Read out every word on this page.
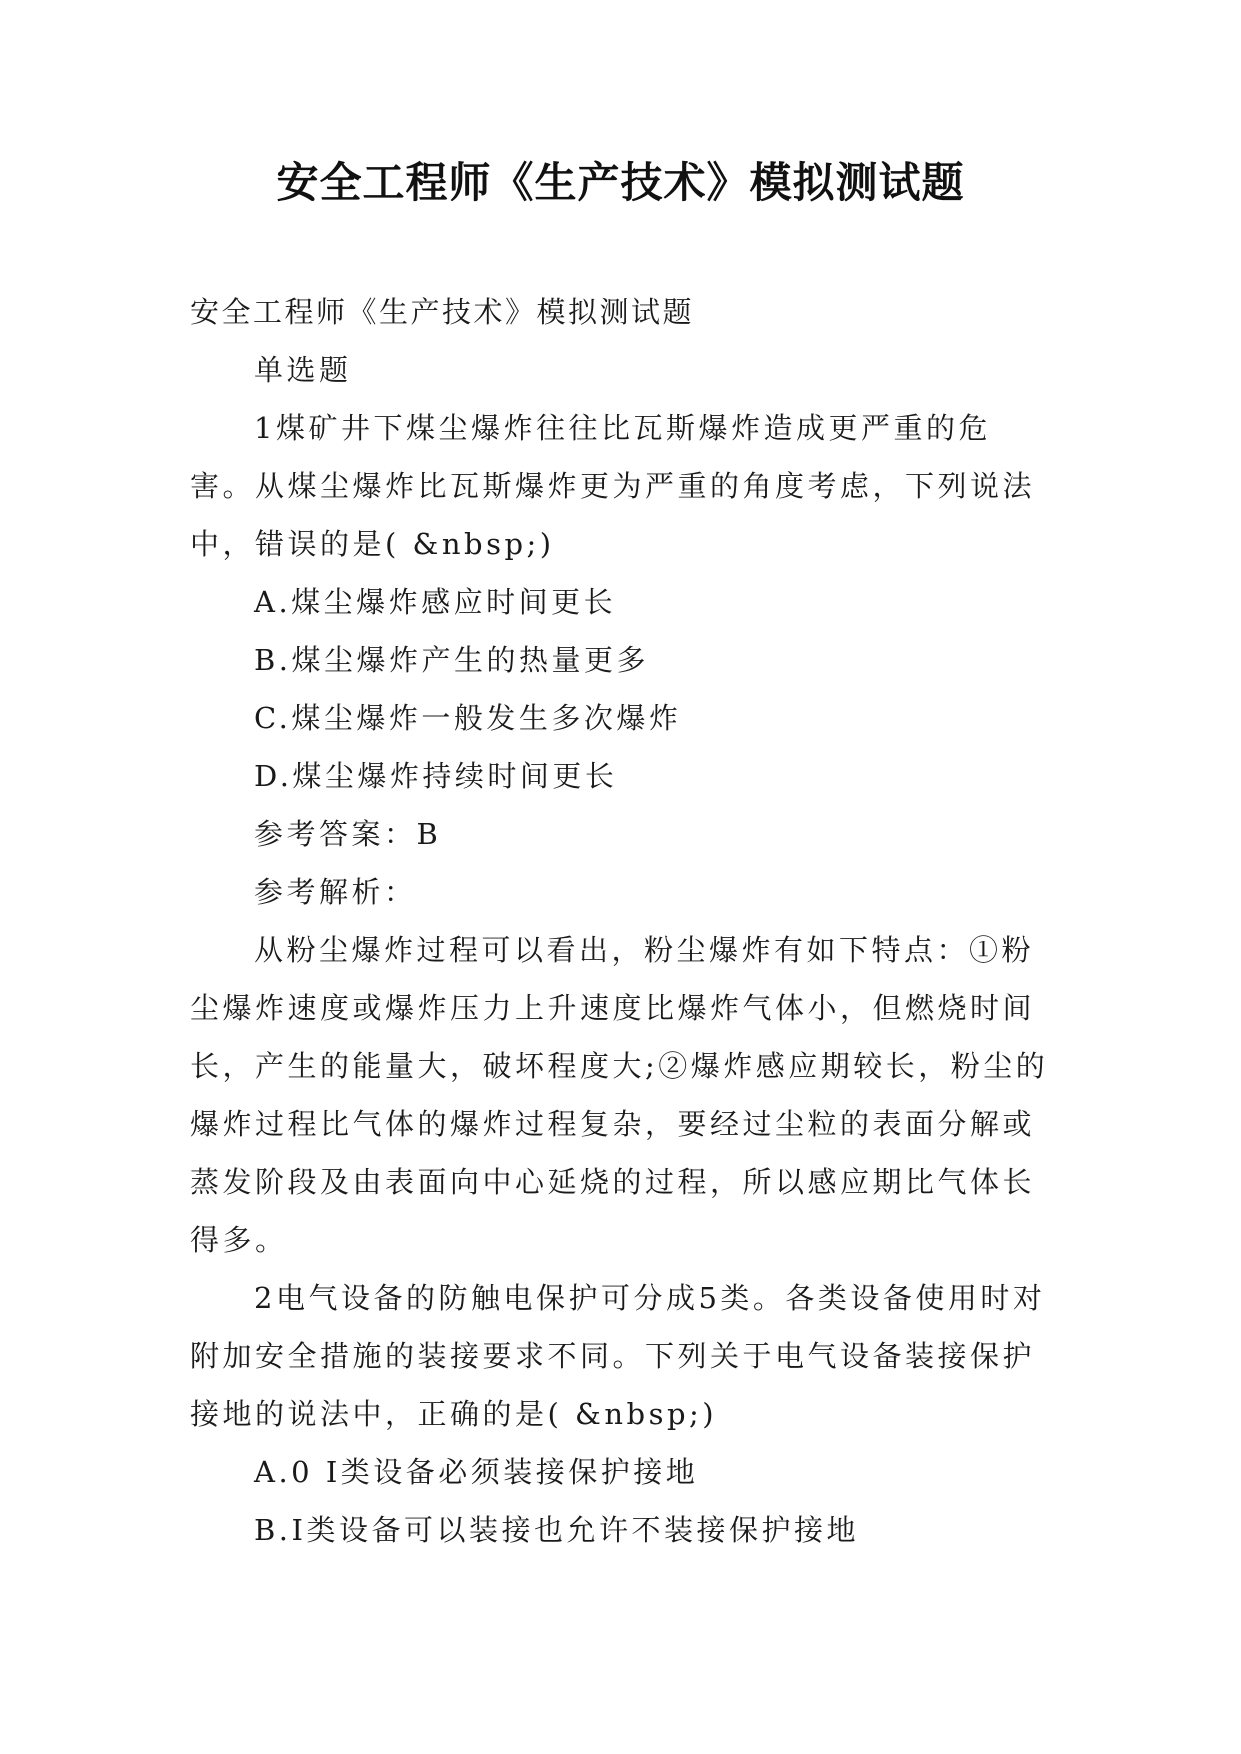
安全工程师《生产技术》模拟测试题

安全工程师《生产技术》模拟测试题

单选题

1煤矿井下煤尘爆炸往往比瓦斯爆炸造成更严重的危害。从煤尘爆炸比瓦斯爆炸更为严重的角度考虑，下列说法中，错误的是( &nbsp;)

A.煤尘爆炸感应时间更长

B.煤尘爆炸产生的热量更多

C.煤尘爆炸一般发生多次爆炸

D.煤尘爆炸持续时间更长

参考答案：B

参考解析：

从粉尘爆炸过程可以看出，粉尘爆炸有如下特点：①粉尘爆炸速度或爆炸压力上升速度比爆炸气体小，但燃烧时间长，产生的能量大，破坏程度大;②爆炸感应期较长，粉尘的爆炸过程比气体的爆炸过程复杂，要经过尘粒的表面分解或蒸发阶段及由表面向中心延烧的过程，所以感应期比气体长得多。

2电气设备的防触电保护可分成5类。各类设备使用时对附加安全措施的装接要求不同。下列关于电气设备装接保护接地的说法中，正确的是( &nbsp;)

A.0 Ⅰ类设备必须装接保护接地

B.Ⅰ类设备可以装接也允许不装接保护接地
